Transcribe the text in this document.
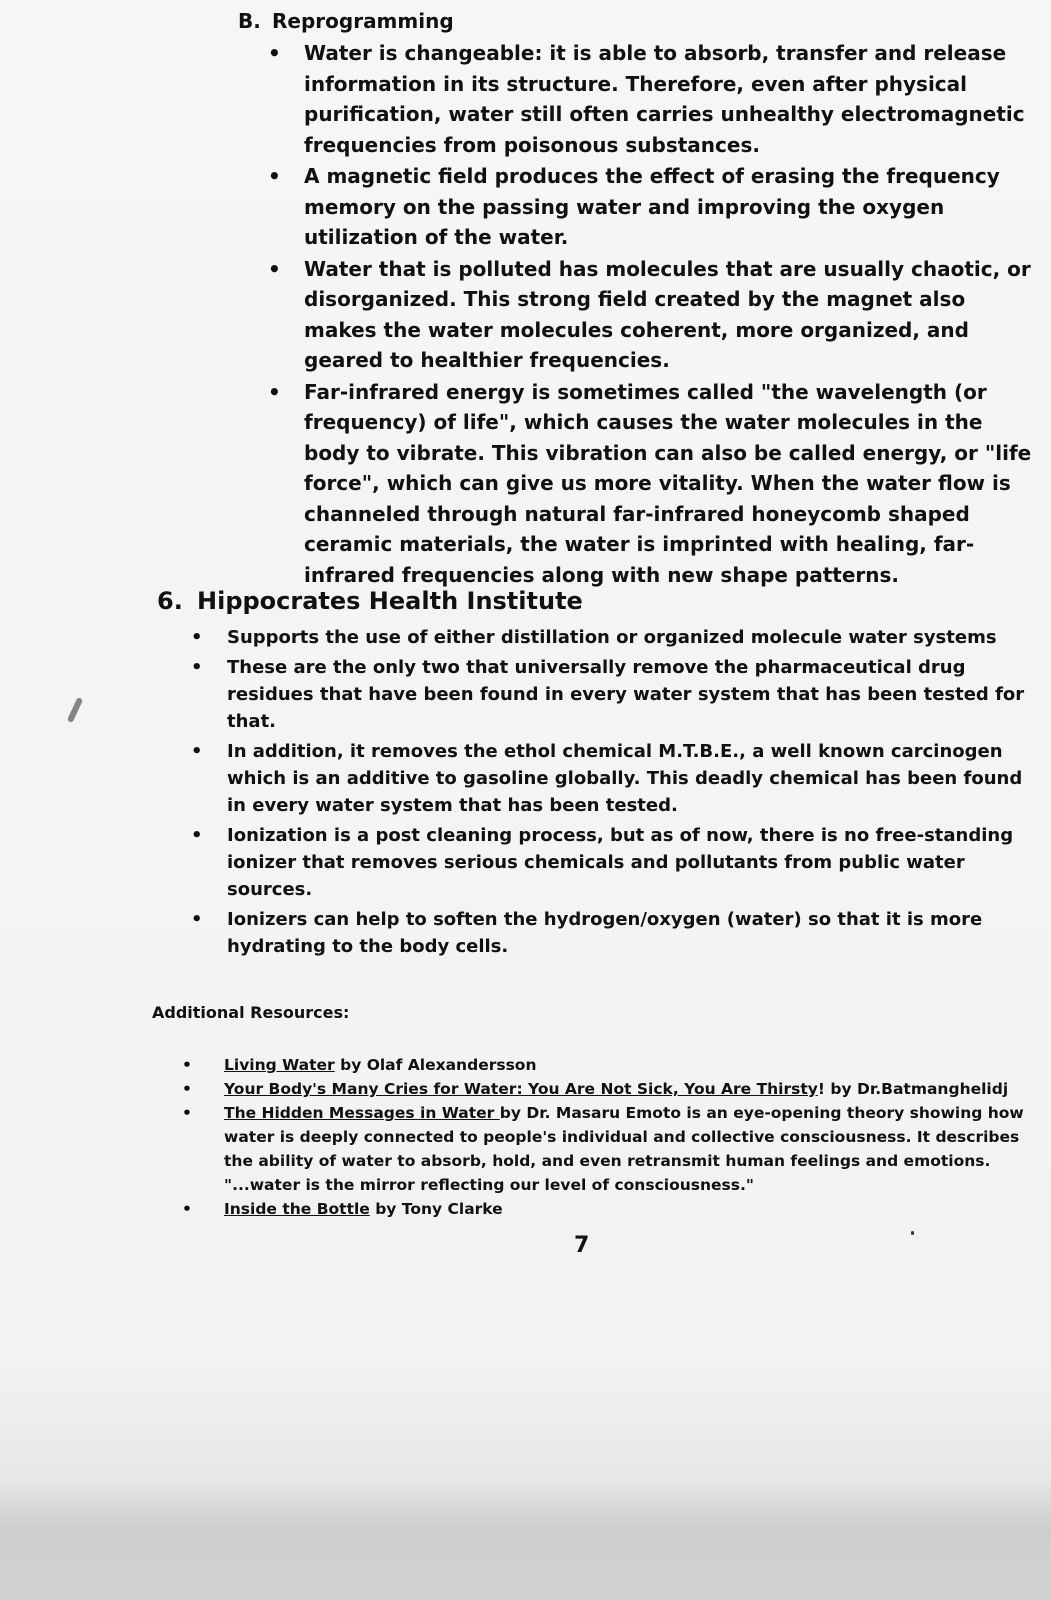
B. Reprogramming
• Water is changeable: it is able to absorb, transfer and release information in its structure. Therefore, even after physical purification, water still often carries unhealthy electromagnetic frequencies from poisonous substances.
• A magnetic field produces the effect of erasing the frequency memory on the passing water and improving the oxygen utilization of the water.
• Water that is polluted has molecules that are usually chaotic, or disorganized. This strong field created by the magnet also makes the water molecules coherent, more organized, and geared to healthier frequencies.
• Far-infrared energy is sometimes called "the wavelength (or frequency) of life", which causes the water molecules in the body to vibrate. This vibration can also be called energy, or "life force", which can give us more vitality. When the water flow is channeled through natural far-infrared honeycomb shaped ceramic materials, the water is imprinted with healing, far-infrared frequencies along with new shape patterns.
6. Hippocrates Health Institute
• Supports the use of either distillation or organized molecule water systems
• These are the only two that universally remove the pharmaceutical drug residues that have been found in every water system that has been tested for that.
• In addition, it removes the ethol chemical M.T.B.E., a well known carcinogen which is an additive to gasoline globally. This deadly chemical has been found in every water system that has been tested.
• Ionization is a post cleaning process, but as of now, there is no free-standing ionizer that removes serious chemicals and pollutants from public water sources.
• Ionizers can help to soften the hydrogen/oxygen (water) so that it is more hydrating to the body cells.
Additional Resources:
• Living Water by Olaf Alexandersson
• Your Body's Many Cries for Water: You Are Not Sick, You Are Thirsty! by Dr.Batmanghelidj
• The Hidden Messages in Water by Dr. Masaru Emoto is an eye-opening theory showing how water is deeply connected to people's individual and collective consciousness. It describes the ability of water to absorb, hold, and even retransmit human feelings and emotions. "...water is the mirror reflecting our level of consciousness."
• Inside the Bottle by Tony Clarke
7
